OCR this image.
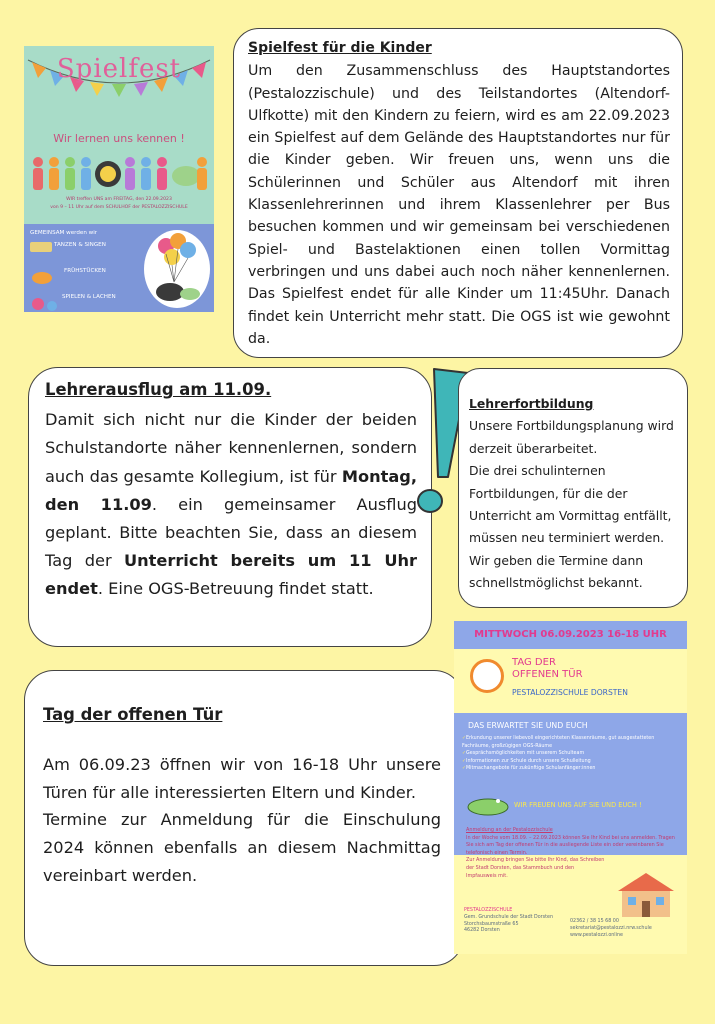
Spielfest
Wir lernen uns kennen !
WIR treffen UNS am FREITAG, den 22.09.2023
von 9 – 11 Uhr auf dem SCHULHOF der PESTALOZZISCHULE
GEMEINSAM werden wir
TANZEN & SINGEN
FRÜHSTÜCKEN
SPIELEN & LACHEN
Spielfest für die Kinder

Um den Zusammenschluss des Hauptstandortes (Pestalozzischule) und des Teilstandortes (Altendorf-Ulfkotte) mit den Kindern zu feiern, wird es am 22.09.2023 ein Spielfest auf dem Gelände des Hauptstandortes nur für die Kinder geben. Wir freuen uns, wenn uns die Schülerinnen und Schüler aus Altendorf mit ihren Klassenlehrerinnen und ihrem Klassenlehrer per Bus besuchen kommen und wir gemeinsam bei verschiedenen Spiel- und Bastelaktionen einen tollen Vormittag verbringen und uns dabei auch noch näher kennenlernen. Das Spielfest endet für alle Kinder um 11:45Uhr. Danach findet kein Unterricht mehr statt. Die OGS ist wie gewohnt da.

Lehrerausflug am 11.09.

Damit sich nicht nur die Kinder der beiden Schulstandorte näher kennenlernen, sondern auch das gesamte Kollegium, ist für Montag, den 11.09. ein gemeinsamer Ausflug geplant. Bitte beachten Sie, dass an diesem Tag der Unterricht bereits um 11 Uhr endet. Eine OGS-Betreuung findet statt.

Lehrerfortbildung

Unsere Fortbildungsplanung wird derzeit überarbeitet.

Die drei schulinternen Fortbildungen, für die der Unterricht am Vormittag entfällt, müssen neu terminiert werden.

Wir geben die Termine dann schnellstmöglichst bekannt.

Tag der offenen Tür

Am 06.09.23 öffnen wir von 16-18 Uhr unsere Türen für alle interessierten Eltern und Kinder.

Termine zur Anmeldung für die Einschulung 2024 können ebenfalls an diesem Nachmittag vereinbart werden.

MITTWOCH 06.09.2023 16-18 UHR
TAG DER
OFFENEN TÜR
PESTALOZZISCHULE DORSTEN
DAS ERWARTET SIE UND EUCH
✓ Erkundung unserer liebevoll eingerichteten Klassenräume, gut ausgestatteten Fachräume, großzügigen OGS-Räume
✓ Gesprächsmöglichkeiten mit unserem Schulteam
✓ Informationen zur Schule durch unsere Schulleitung
✓ Mitmachangebote für zukünftige Schulanfänger:innen
WIR FREUEN UNS AUF SIE UND EUCH !
Anmeldung an der Pestalozzischule
In der Woche vom 18.09. – 22.09.2023 können Sie Ihr Kind bei uns anmelden. Tragen Sie sich am Tag der offenen Tür in die ausliegende Liste ein oder vereinbaren Sie telefonisch einen Termin.
Zur Anmeldung bringen Sie bitte Ihr Kind, das Schreiben der Stadt Dorsten, das Stammbuch und den Impfausweis mit.
PESTALOZZISCHULE
Gem. Grundschule der Stadt Dorsten
Storchsbaumstraße 65
46282 Dorsten
02362 / 38 15 68 00
sekretariat@pestalozzi.nrw.schule
www.pestalozzi.online
